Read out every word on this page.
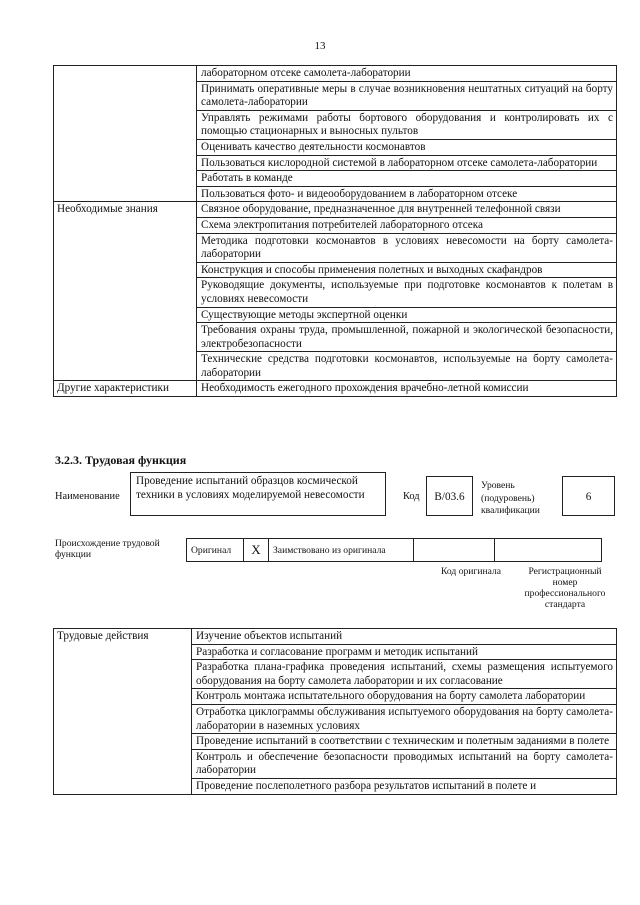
13
	лабораторном отсеке самолета-лаборатории
	Принимать оперативные меры в случае возникновения нештатных ситуаций на борту самолета-лаборатории
	Управлять режимами работы бортового оборудования и контролировать их с помощью стационарных и выносных пультов
	Оценивать качество деятельности космонавтов
	Пользоваться кислородной системой в лабораторном отсеке самолета-лаборатории
	Работать в команде
	Пользоваться фото- и видеооборудованием в лабораторном отсеке
Необходимые знания	Связное оборудование, предназначенное для внутренней телефонной связи
	Схема электропитания потребителей лабораторного отсека
	Методика подготовки космонавтов в условиях невесомости на борту самолета-лаборатории
	Конструкция и способы применения полетных и выходных скафандров
	Руководящие документы, используемые при подготовке космонавтов к полетам в условиях невесомости
	Существующие методы экспертной оценки
	Требования охраны труда, промышленной, пожарной и экологической безопасности, электробезопасности
	Технические средства подготовки космонавтов, используемые на борту самолета-лаборатории
Другие характеристики	Необходимость ежегодного прохождения врачебно-летной комиссии
3.2.3. Трудовая функция
Наименование
Проведение испытаний образцов космической техники в условиях моделируемой невесомости	Код	B/03.6
Уровень (подуровень) квалификации
6
Происхождение трудовой функции	Оригинал	X	Заимствовано из оригинала
Код оригинала	Регистрационный номер профессионального стандарта
Трудовые действия	Изучение объектов испытаний
Разработка и согласование программ и методик испытаний
Разработка плана-графика проведения испытаний, схемы размещения испытуемого оборудования на борту самолета лаборатории и их согласование
Контроль монтажа испытательного оборудования на борту самолета лаборатории
Отработка циклограммы обслуживания испытуемого оборудования на борту самолета-лаборатории в наземных условиях
Проведение испытаний в соответствии с техническим и полетным заданиями в полете
Контроль и обеспечение безопасности проводимых испытаний на борту самолета-лаборатории
Проведение послеполетного разбора результатов испытаний в полете и
